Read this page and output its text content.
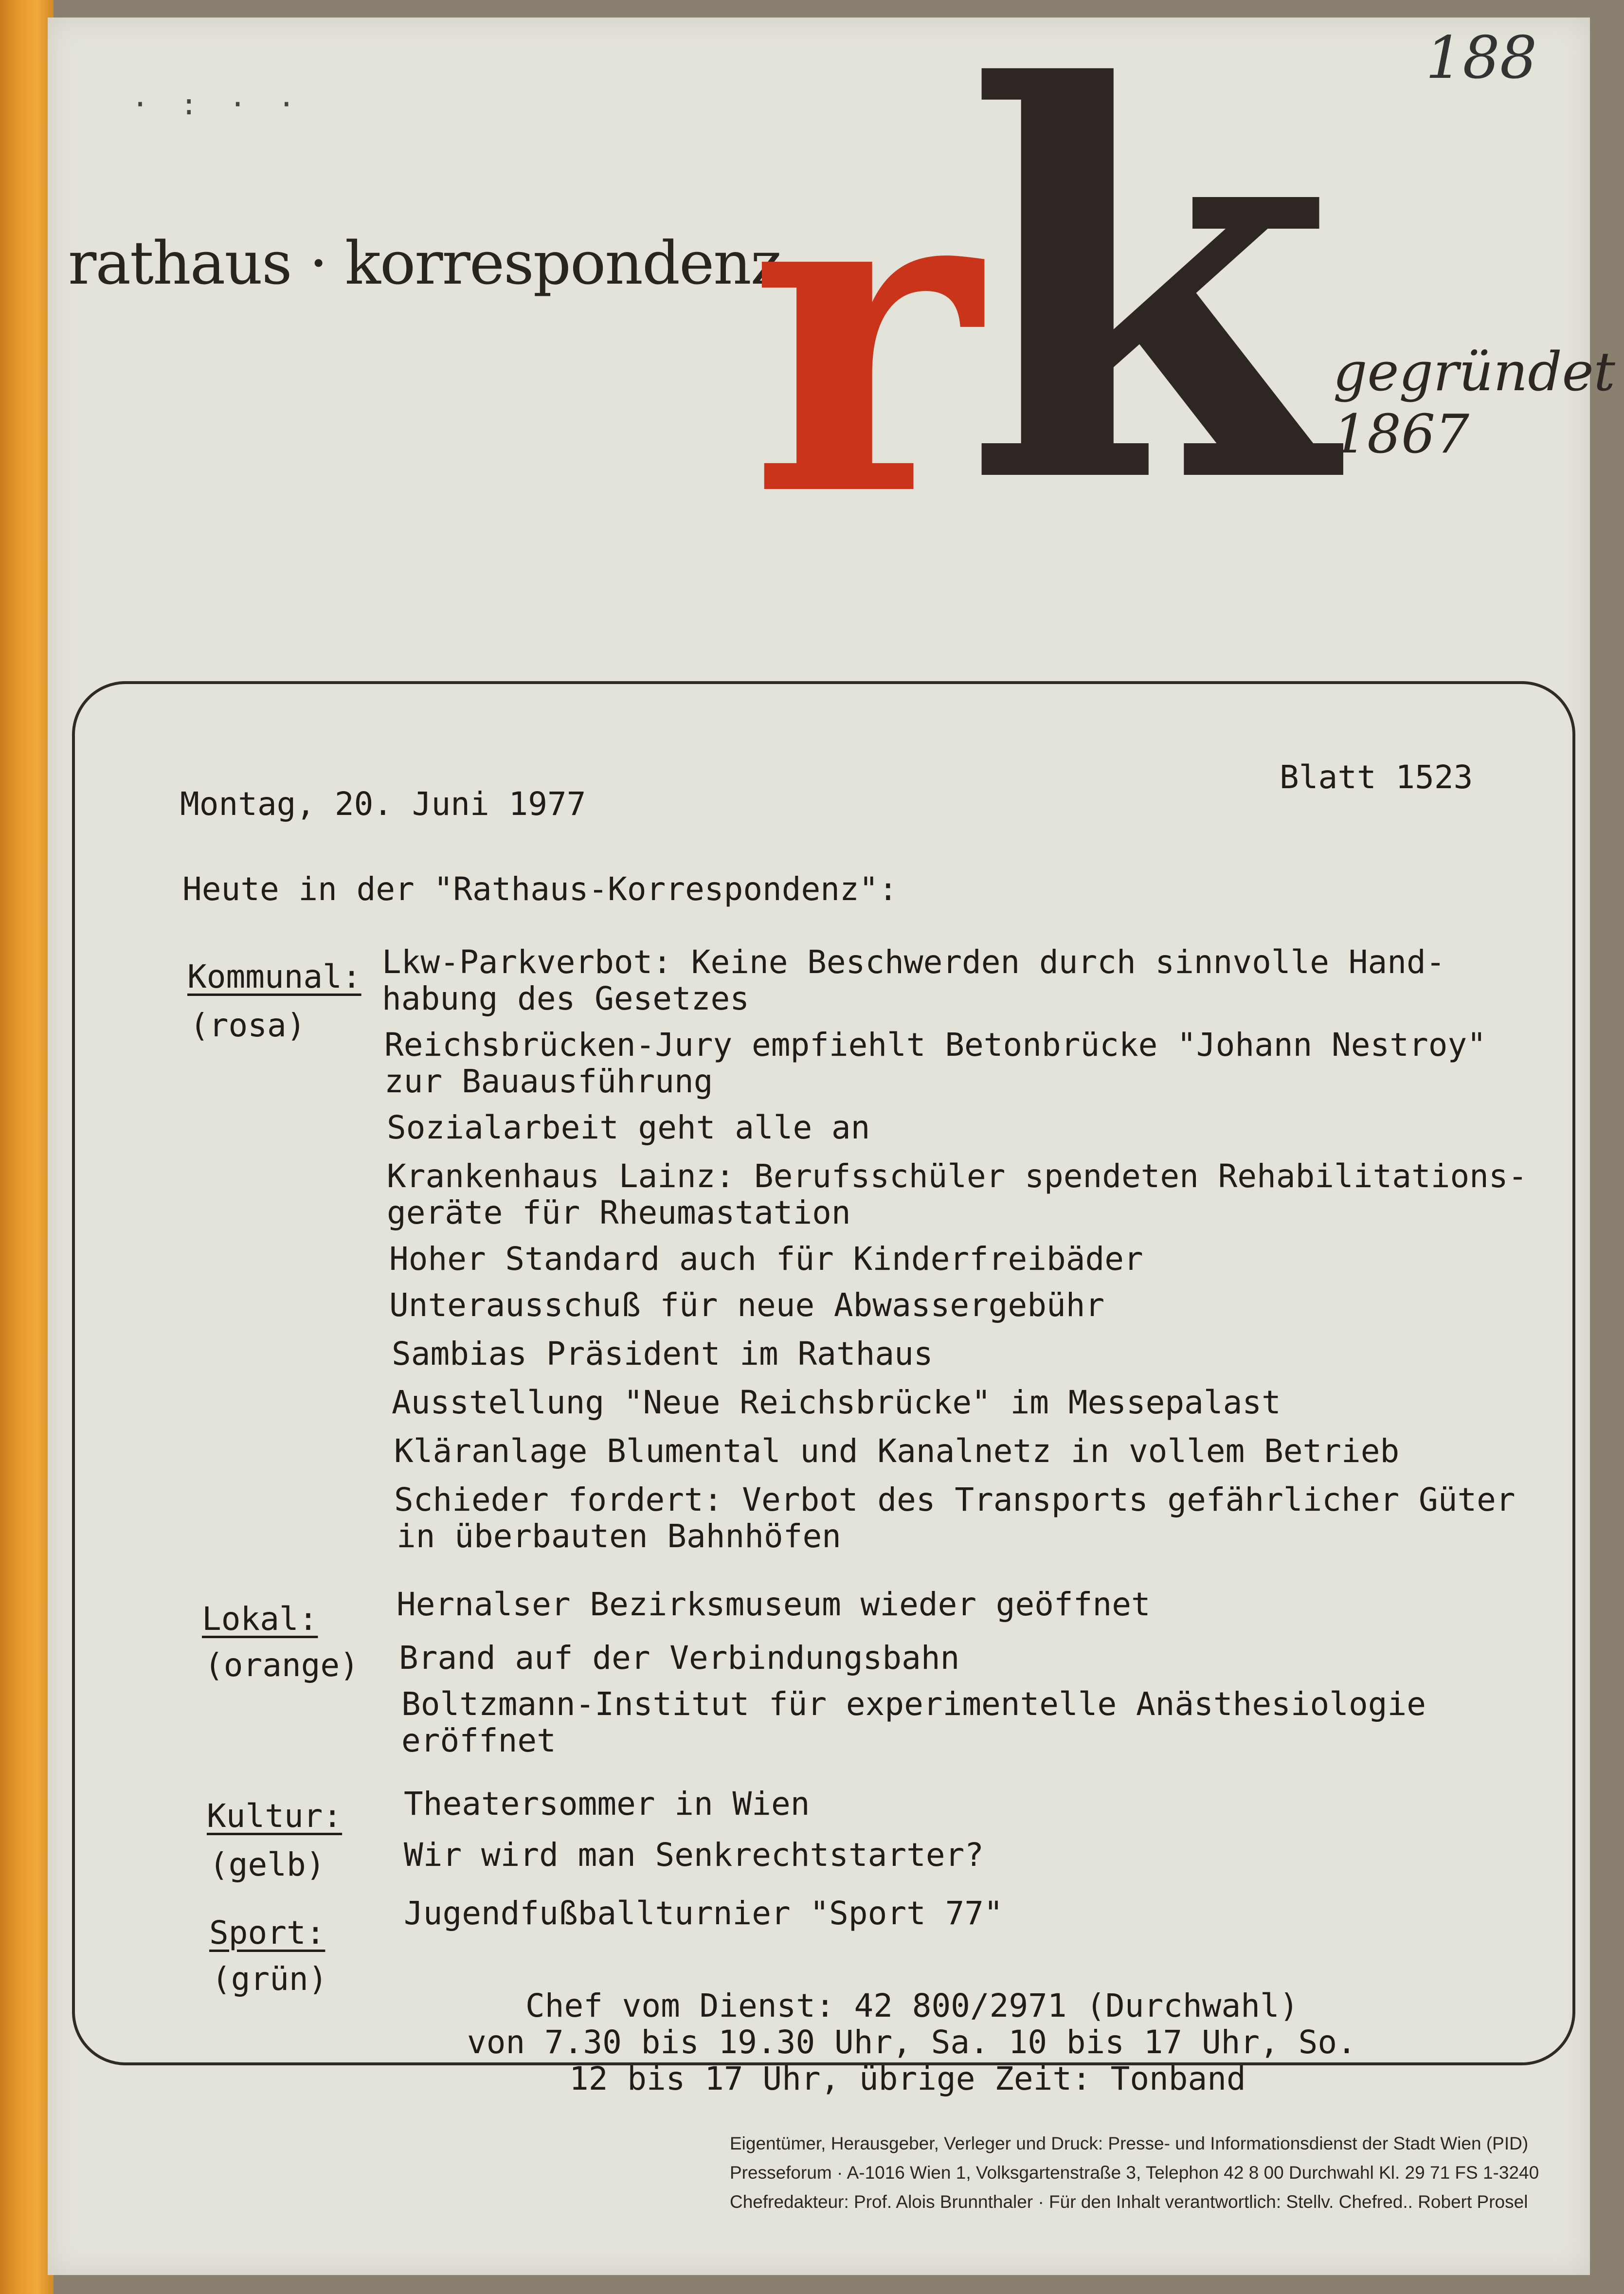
· : · ·
188
rathaus · korrespondenz
r k
gegründet 1867
Montag, 20. Juni 1977
Blatt 1523
Heute in der "Rathaus-Korrespondenz":
Kommunal:
(rosa)
Lkw-Parkverbot: Keine Beschwerden durch sinnvolle Hand-
habung des Gesetzes
Reichsbrücken-Jury empfiehlt Betonbrücke "Johann Nestroy"
zur Bauausführung
Sozialarbeit geht alle an
Krankenhaus Lainz: Berufsschüler spendeten Rehabilitations-
geräte für Rheumastation
Hoher Standard auch für Kinderfreibäder
Unterausschuß für neue Abwassergebühr
Sambias Präsident im Rathaus
Ausstellung "Neue Reichsbrücke" im Messepalast
Kläranlage Blumental und Kanalnetz in vollem Betrieb
Schieder fordert: Verbot des Transports gefährlicher Güter
in überbauten Bahnhöfen
Lokal:
(orange)
Hernalser Bezirksmuseum wieder geöffnet
Brand auf der Verbindungsbahn
Boltzmann-Institut für experimentelle Anästhesiologie
eröffnet
Kultur:
(gelb)
Theatersommer in Wien
Wir wird man Senkrechtstarter?
Sport:
(grün)
Jugendfußballturnier "Sport 77"
Chef vom Dienst: 42 800/2971 (Durchwahl)
von 7.30 bis 19.30 Uhr, Sa. 10 bis 17 Uhr, So.
12 bis 17 Uhr, übrige Zeit: Tonband
Eigentümer, Herausgeber, Verleger und Druck: Presse- und Informationsdienst der Stadt Wien (PID)
Presseforum · A-1016 Wien 1, Volksgartenstraße 3, Telephon 42 8 00 Durchwahl Kl. 29 71 FS 1-3240
Chefredakteur: Prof. Alois Brunnthaler · Für den Inhalt verantwortlich: Stellv. Chefred.. Robert Prosel
